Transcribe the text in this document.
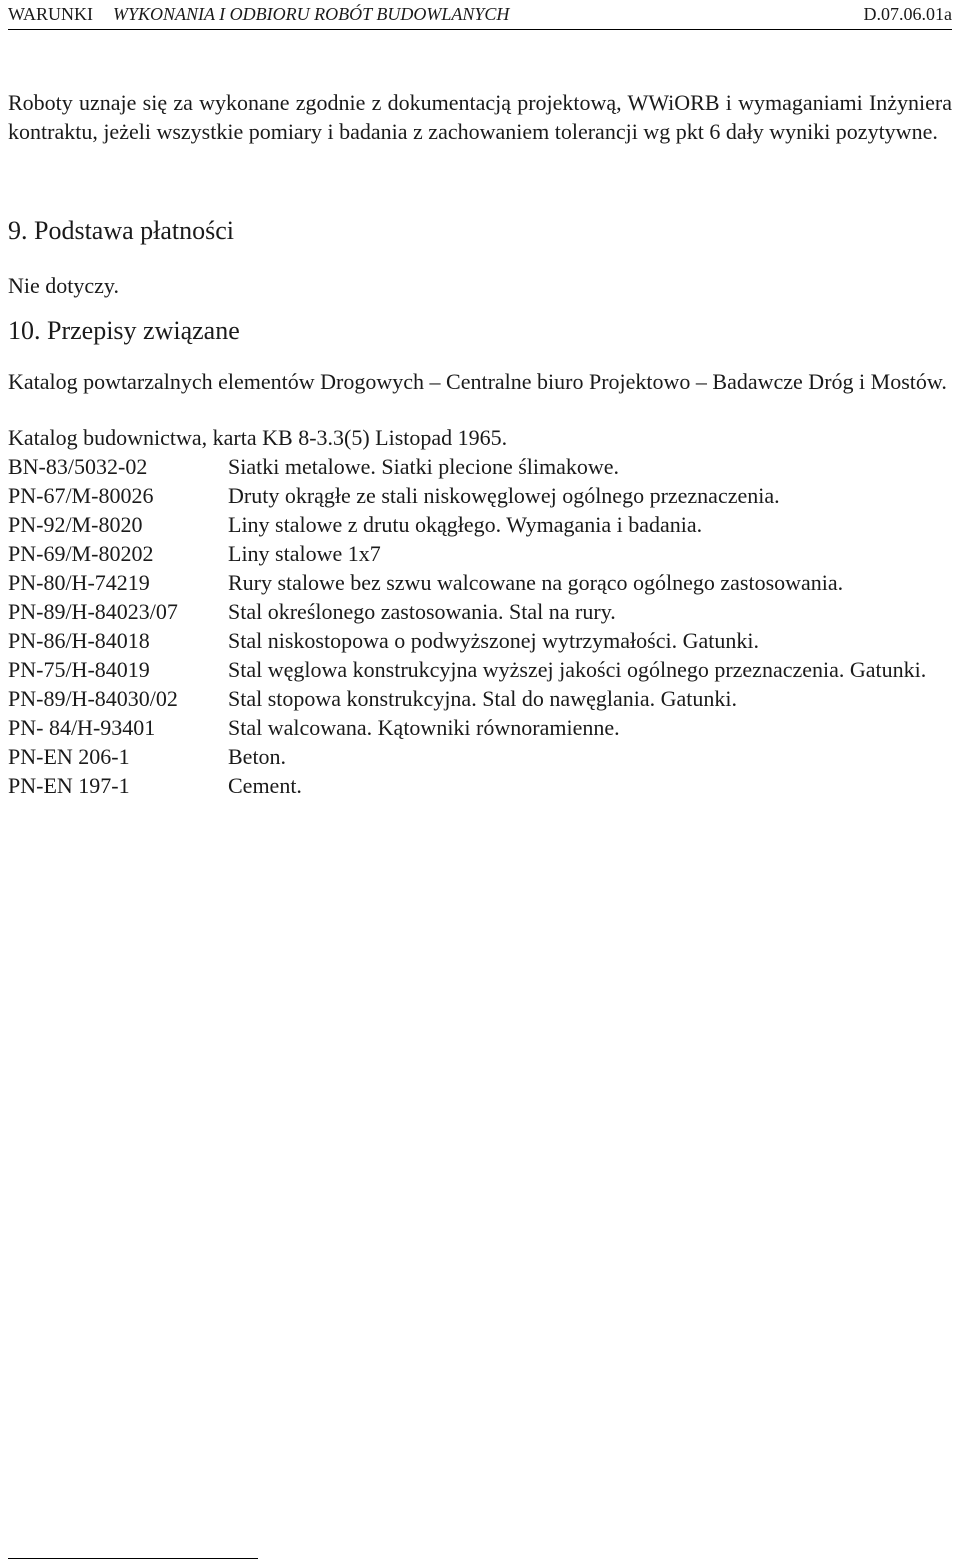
WARUNKI WYKONANIA I ODBIORU ROBÓT BUDOWLANYCH	D.07.06.01a
Roboty uznaje się za wykonane zgodnie z dokumentacją projektową, WWiORB i wymaganiami Inżyniera kontraktu, jeżeli wszystkie pomiary i badania z zachowaniem tolerancji wg pkt 6 dały wyniki pozytywne.
9. Podstawa płatności
Nie dotyczy.
10. Przepisy związane
Katalog powtarzalnych elementów Drogowych – Centralne biuro Projektowo – Badawcze Dróg i Mostów.
Katalog budownictwa, karta KB 8-3.3(5) Listopad 1965.
BN-83/5032-02	Siatki metalowe. Siatki plecione ślimakowe.
PN-67/M-80026	Druty okrągłe ze stali niskowęglowej ogólnego przeznaczenia.
PN-92/M-8020	Liny stalowe z drutu okągłego. Wymagania i badania.
PN-69/M-80202	Liny stalowe 1x7
PN-80/H-74219	Rury stalowe bez szwu walcowane na gorąco ogólnego zastosowania.
PN-89/H-84023/07	Stal określonego zastosowania. Stal na rury.
PN-86/H-84018	Stal niskostopowa o podwyższonej wytrzymałości. Gatunki.
PN-75/H-84019	Stal węglowa konstrukcyjna wyższej jakości ogólnego przeznaczenia. Gatunki.
PN-89/H-84030/02	Stal stopowa konstrukcyjna. Stal do nawęglania. Gatunki.
PN- 84/H-93401	Stal walcowana. Kątowniki równoramienne.
PN-EN 206-1	Beton.
PN-EN 197-1	Cement.
